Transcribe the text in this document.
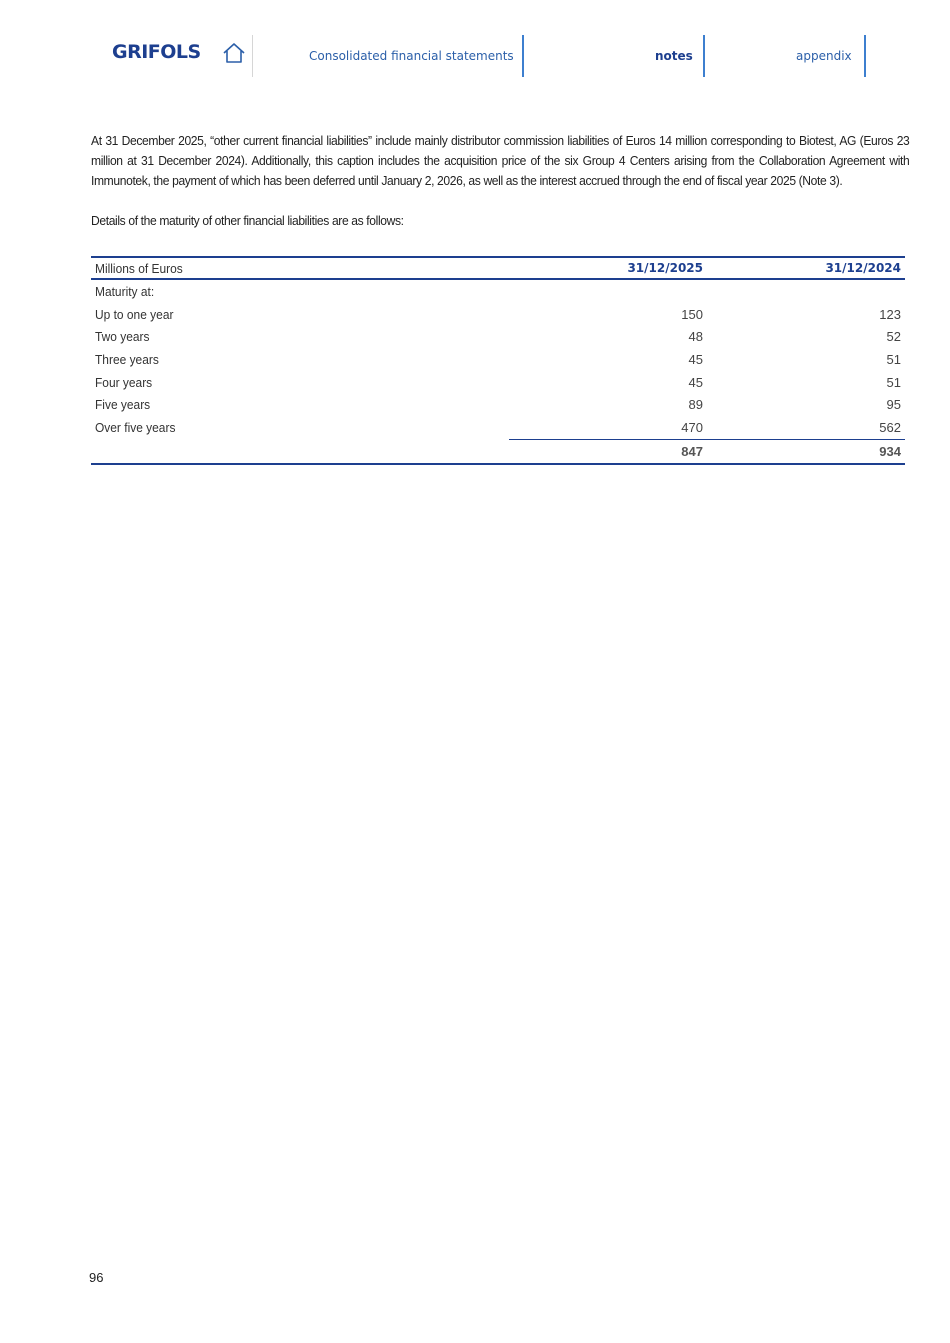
GRIFOLS	Consolidated financial statements	notes	appendix
At 31 December 2025, “other current financial liabilities” include mainly distributor commission liabilities of Euros 14 million corresponding to Biotest, AG (Euros 23 million at 31 December 2024). Additionally, this caption includes the acquisition price of the six Group 4 Centers arising from the Collaboration Agreement with Immunotek, the payment of which has been deferred until January 2, 2026, as well as the interest accrued through the end of fiscal year 2025 (Note 3).
Details of the maturity of other financial liabilities are as follows:
Millions of Euros	31/12/2025	31/12/2024
Maturity at:		
Up to one year	150	123
Two years	48	52
Three years	45	51
Four years	45	51
Five years	89	95
Over five years	470	562
	847	934
96
